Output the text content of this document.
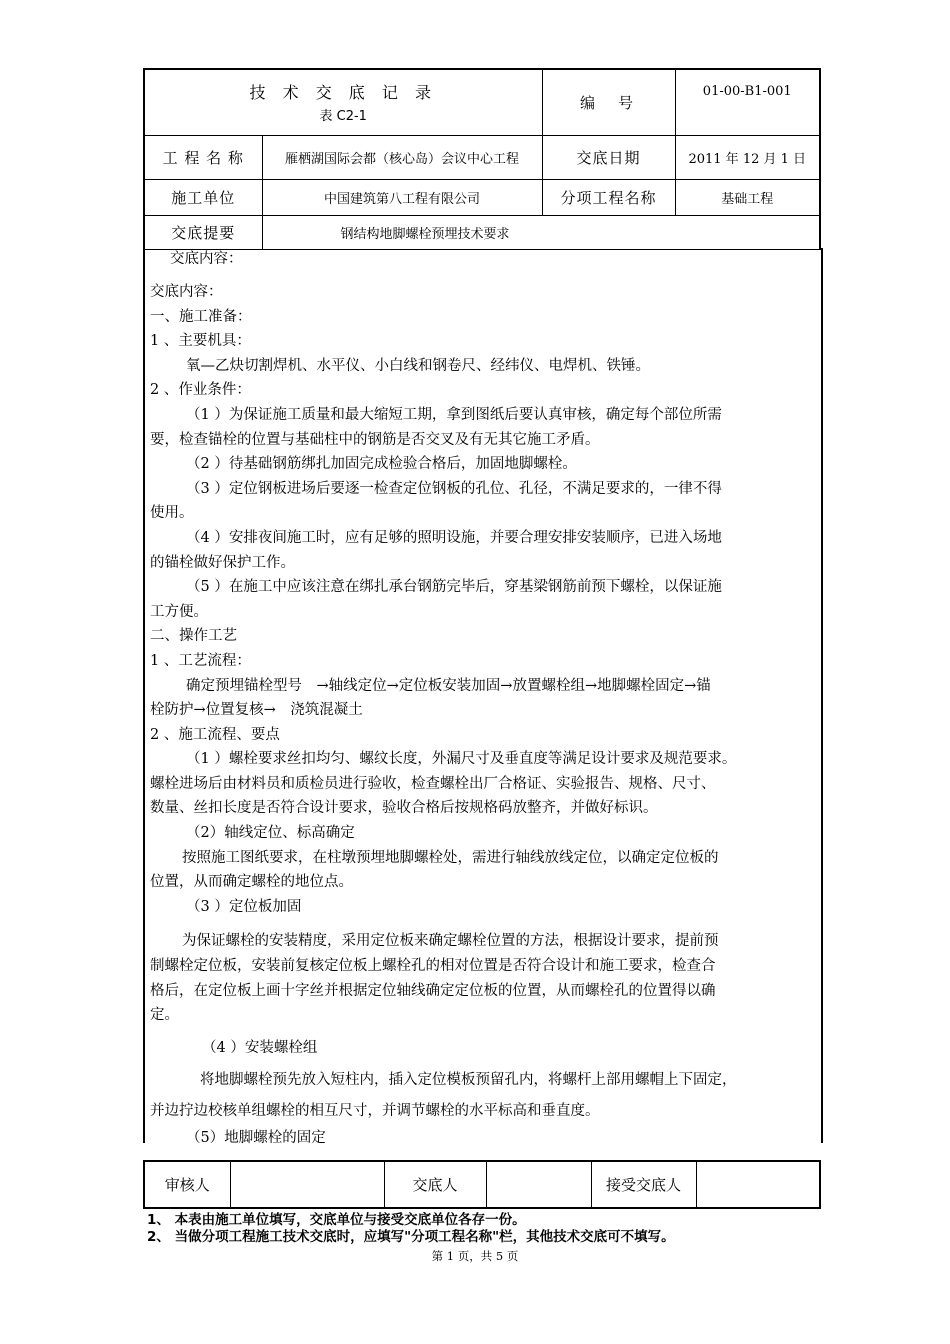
技 术 交 底 记 录
表 C2-1		编　号	01-00-B1-001
工 程 名 称	雁栖湖国际会都（核心岛）会议中心工程	交底日期	2011 年 12 月 1 日
施工单位	中国建筑第八工程有限公司	分项工程名称	基础工程
交底提要	钢结构地脚螺栓预埋技术要求		

交底内容：

交底内容：

一、施工准备：

1 、主要机具：

氧—乙炔切割焊机、水平仪、小白线和钢卷尺、经纬仪、电焊机、铁锤。

2 、作业条件：

（1 ）为保证施工质量和最大缩短工期，拿到图纸后要认真审核，确定每个部位所需

要，检查锚栓的位置与基础柱中的钢筋是否交叉及有无其它施工矛盾。

（2 ）待基础钢筋绑扎加固完成检验合格后，加固地脚螺栓。

（3 ）定位钢板进场后要逐一检查定位钢板的孔位、孔径，不满足要求的，一律不得

使用。

（4 ）安排夜间施工时，应有足够的照明设施，并要合理安排安装顺序，已进入场地

的锚栓做好保护工作。

（5 ）在施工中应该注意在绑扎承台钢筋完毕后，穿基梁钢筋前预下螺栓，以保证施

工方便。

二、操作工艺

1 、工艺流程：

确定预埋锚栓型号　→轴线定位→定位板安装加固→放置螺栓组→地脚螺栓固定→锚

栓防护→位置复核→　浇筑混凝土

2 、施工流程、要点

（1 ）螺栓要求丝扣均匀、螺纹长度，外漏尺寸及垂直度等满足设计要求及规范要求。

螺栓进场后由材料员和质检员进行验收，检查螺栓出厂合格证、实验报告、规格、尺寸、

数量、丝扣长度是否符合设计要求，验收合格后按规格码放整齐，并做好标识。

（2）轴线定位、标高确定

按照施工图纸要求，在柱墩预埋地脚螺栓处，需进行轴线放线定位，以确定定位板的

位置，从而确定螺栓的地位点。

（3 ）定位板加固

为保证螺栓的安装精度，采用定位板来确定螺栓位置的方法，根据设计要求，提前预

制螺栓定位板，安装前复核定位板上螺栓孔的相对位置是否符合设计和施工要求，检查合

格后，在定位板上画十字丝并根据定位轴线确定定位板的位置，从而螺栓孔的位置得以确

定。

（4 ）安装螺栓组

将地脚螺栓预先放入短柱内，插入定位模板预留孔内，将螺杆上部用螺帽上下固定，

并边拧边校核单组螺栓的相互尺寸，并调节螺栓的水平标高和垂直度。

（5）地脚螺栓的固定

审核人		交底人		接受交底人	

1、 本表由施工单位填写，交底单位与接受交底单位各存一份。

2、 当做分项工程施工技术交底时，应填写"分项工程名称"栏，其他技术交底可不填写。

第 1 页，共 5 页
